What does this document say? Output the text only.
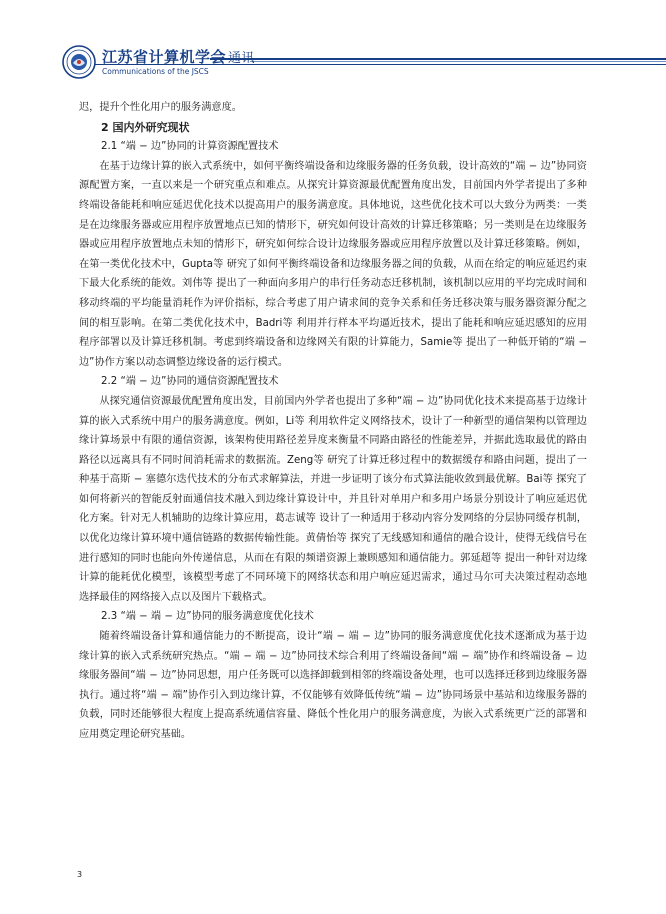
江苏省计算机学会 通讯
Communications of the JSCS

迟，提升个性化用户的服务满意度。

2 国内外研究现状

2.1 “端 − 边”协同的计算资源配置技术

在基于边缘计算的嵌入式系统中，如何平衡终端设备和边缘服务器的任务负载，设计高效的“端 − 边”协同资源配置方案，一直以来是一个研究重点和难点。从探究计算资源最优配置角度出发，目前国内外学者提出了多种终端设备能耗和响应延迟优化技术以提高用户的服务满意度。具体地说，这些优化技术可以大致分为两类：一类是在边缘服务器或应用程序放置地点已知的情形下，研究如何设计高效的计算迁移策略；另一类则是在边缘服务器或应用程序放置地点未知的情形下，研究如何综合设计边缘服务器或应用程序放置以及计算迁移策略。例如，在第一类优化技术中，Gupta等 研究了如何平衡终端设备和边缘服务器之间的负载，从而在给定的响应延迟约束下最大化系统的能效。刘伟等 提出了一种面向多用户的串行任务动态迁移机制，该机制以应用的平均完成时间和移动终端的平均能量消耗作为评价指标，综合考虑了用户请求间的竞争关系和任务迁移决策与服务器资源分配之间的相互影响。在第二类优化技术中，Badri等 利用并行样本平均逼近技术，提出了能耗和响应延迟感知的应用程序部署以及计算迁移机制。考虑到终端设备和边缘网关有限的计算能力，Samie等 提出了一种低开销的“端 − 边”协作方案以动态调整边缘设备的运行模式。

2.2 “端 − 边”协同的通信资源配置技术

从探究通信资源最优配置角度出发，目前国内外学者也提出了多种“端 − 边”协同优化技术来提高基于边缘计算的嵌入式系统中用户的服务满意度。例如，Li等 利用软件定义网络技术，设计了一种新型的通信架构以管理边缘计算场景中有限的通信资源，该架构使用路径差异度来衡量不同路由路径的性能差异，并据此选取最优的路由路径以远离具有不同时间消耗需求的数据流。Zeng等 研究了计算迁移过程中的数据缓存和路由问题，提出了一种基于高斯 − 塞德尔迭代技术的分布式求解算法，并进一步证明了该分布式算法能收敛到最优解。Bai等 探究了如何将新兴的智能反射面通信技术融入到边缘计算设计中，并且针对单用户和多用户场景分别设计了响应延迟优化方案。针对无人机辅助的边缘计算应用，葛志诚等 设计了一种适用于移动内容分发网络的分层协同缓存机制，以优化边缘计算环境中通信链路的数据传输性能。黄倩怡等 探究了无线感知和通信的融合设计，使得无线信号在进行感知的同时也能向外传递信息，从而在有限的频谱资源上兼顾感知和通信能力。郭延超等 提出一种针对边缘计算的能耗优化模型，该模型考虑了不同环境下的网络状态和用户响应延迟需求，通过马尔可夫决策过程动态地选择最佳的网络接入点以及图片下载格式。

2.3 “端 − 端 − 边”协同的服务满意度优化技术

随着终端设备计算和通信能力的不断提高，设计“端 − 端 − 边”协同的服务满意度优化技术逐渐成为基于边缘计算的嵌入式系统研究热点。“端 − 端 − 边”协同技术综合利用了终端设备间“端 − 端”协作和终端设备 − 边缘服务器间“端 − 边”协同思想，用户任务既可以选择卸载到相邻的终端设备处理，也可以选择迁移到边缘服务器执行。通过将“端 − 端”协作引入到边缘计算，不仅能够有效降低传统“端 − 边”协同场景中基站和边缘服务器的负载，同时还能够很大程度上提高系统通信容量、降低个性化用户的服务满意度，为嵌入式系统更广泛的部署和应用奠定理论研究基础。

3
